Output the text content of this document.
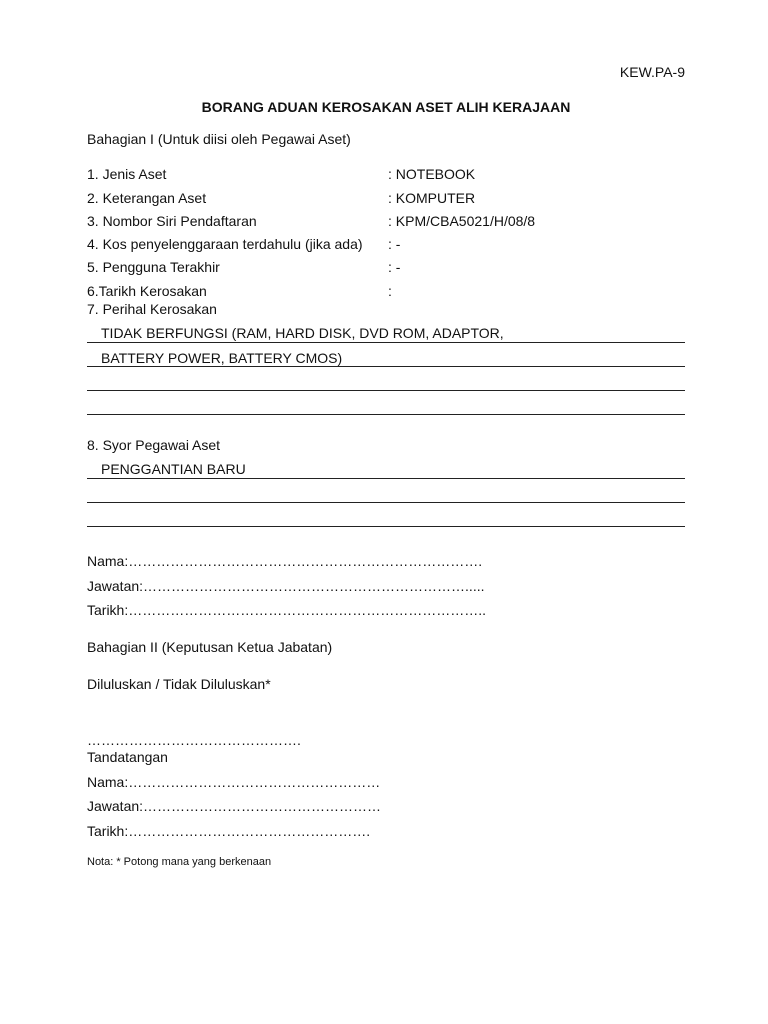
KEW.PA-9
BORANG ADUAN KEROSAKAN ASET ALIH KERAJAAN
Bahagian I (Untuk diisi oleh Pegawai Aset)
1. Jenis Aset	: NOTEBOOK
2. Keterangan Aset	: KOMPUTER
3. Nombor Siri Pendaftaran	: KPM/CBA5021/H/08/8
4. Kos penyelenggaraan terdahulu (jika ada) : -
5. Pengguna Terakhir	: -
6.Tarikh Kerosakan	:
7. Perihal Kerosakan
TIDAK BERFUNGSI (RAM, HARD DISK, DVD ROM, ADAPTOR,
BATTERY POWER, BATTERY CMOS)
8. Syor Pegawai Aset
PENGGANTIAN BARU
Nama:………………………………………………………………….
Jawatan:…………………………………………………………….....
Tarikh:…………………………………………………………………..
Bahagian II (Keputusan Ketua Jabatan)
Diluluskan / Tidak Diluluskan*
……………………………………….
Tandatangan
Nama:………………………………………………
Jawatan:……………………………………………
Tarikh:…………………………………………….
Nota: * Potong mana yang berkenaan
